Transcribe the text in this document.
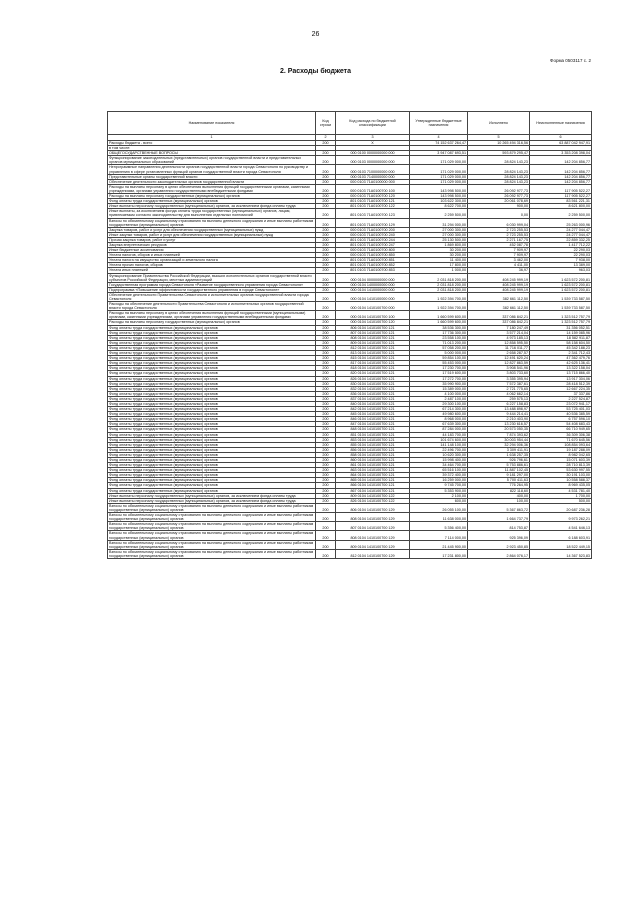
26
Форма 0503117 с. 2
2. Расходы бюджета
Наименование показателя	Код строки	Код расхода по бюджетной классификации	Утвержденные бюджетные назначения	Исполнено	Неисполненные назначения
1	2	3	4	5	6
Расходы бюджета - всего	200	X	74 152 637 264,47	10 265 494 316,56	63 887 042 947,91
в том числе:					
ОБЩЕГОСУДАРСТВЕННЫЕ ВОПРОСЫ	200	000 0100 0000000000 000	3 947 087 693,51	593 879 295,47	3 353 208 398,04
Функционирование законодательных (представительных) органов государственной власти и представительных органов муниципальных образований	200	000 0103 0000000000 000	171 029 000,00	28 824 143,23	142 204 856,77
Непрограммные направления деятельности органов государственной власти города Севастополя по руководству и управлению в сфере установленных функций органов государственной власти города Севастополя	200	000 0103 7100000000 000	171 029 000,00	28 824 143,23	142 204 856,77
Представительные органы государственной власти	200	000 0103 7140000000 000	171 029 000,00	28 824 143,23	142 204 856,77
Обеспечение деятельности законодательных органов государственной власти	200	000 0103 71А0100000 000	171 029 000,00	28 824 143,23	142 204 856,77
Расходы на выплаты персоналу в целях обеспечения выполнения функций государственными органами, казенными учреждениями, органами управления государственными внебюджетными фондами	200	000 0103 71А0100700 100	143 998 500,00	26 092 977,73	117 905 522,27
Расходы на выплаты персоналу государственных (муниципальных) органов	200	000 0103 71А0100700 120	143 998 500,00	26 092 977,73	117 905 522,27
Фонд оплаты труда государственных (муниципальных) органов	200	801 0103 71А0100700 121	103 622 300,00	20 061 078,69	83 561 221,31
Иные выплаты персоналу государственных (муниципальных) органов, за исключением фонда оплаты труда	200	801 0103 71А0100700 122	8 622 700,00	900,00	8 621 800,00
Иные выплаты, за исключением фонда оплаты труда государственных (муниципальных) органов, лицам, привлекаемым согласно законодательству для выполнения отдельных полномочий	200	801 0103 71А0100700 123	2 259 500,00	0,00	2 259 500,00
Взносы по обязательному социальному страхованию на выплаты денежного содержания и иные выплаты работникам государственных (муниципальных) органов	200	801 0103 71А0100700 129	31 294 000,00	6 030 999,04	25 263 000,96
Закупка товаров, работ и услуг для обеспечения государственных (муниципальных) нужд	200	000 0103 71А0100700 200	27 000 300,00	2 723 255,53	24 277 044,47
Иные закупки товаров, работ и услуг для обеспечения государственных (муниципальных) нужд	200	000 0103 71А0100700 240	27 000 300,00	2 723 255,53	24 277 044,47
Прочая закупка товаров, работ и услуг	200	801 0103 71А0100700 244	25 130 500,00	2 271 167,75	22 859 332,25
Закупка энергетических ресурсов	200	801 0103 71А0100700 247	1 869 800,00	452 087,78	1 417 712,22
Иные бюджетные ассигнования	200	000 0103 71А0100700 800	30 200,00	7 909,97	22 290,03
Уплата налогов, сборов и иных платежей	200	000 0103 71А0100700 850	30 200,00	7 909,97	22 290,03
Уплата налога на имущество организаций и земельного налога	200	801 0103 71А0100700 851	11 400,00	3 462,00	7 938,00
Уплата прочих налогов, сборов	200	801 0103 71А0100700 852	17 800,00	4 411,00	13 389,00
Уплата иных платежей	200	801 0103 71А0100700 853	1 000,00	36,97	963,03
Функционирование Правительства Российской Федерации, высших исполнительных органов государственной власти субъектов Российской Федерации, местных администраций	200	000 0104 0000000000 000	2 031 818 200,00	408 245 999,19	1 623 572 200,81
Государственная программа города Севастополя «Развитие государственного управления города Севастополя»	200	000 0104 1400000000 000	2 031 818 200,00	408 245 999,19	1 623 572 200,81
Подпрограмма «Повышение эффективности государственного управления в городе Севастополе»	200	000 0104 1410000000 000	2 031 818 200,00	408 245 999,19	1 623 572 200,81
Обеспечение деятельности Правительства Севастополя и исполнительных органов государственной власти города Севастополя	200	000 0104 1410100000 000	1 922 394 700,00	382 661 112,50	1 539 733 587,50
Расходы на обеспечение деятельности Правительства Севастополя и исполнительных органов государственной власти города Севастополя	200	000 0104 1410100700 000	1 922 394 700,00	382 661 112,50	1 539 733 587,50
Расходы на выплаты персоналу в целях обеспечения выполнения функций государственными (муниципальными) органами, казенными учреждениями, органами управления государственными внебюджетными фондами	200	000 0104 1410100700 100	1 660 599 600,00	337 086 842,21	1 323 512 757,79
Расходы на выплаты персоналу государственных (муниципальных) органов	200	000 0104 1410100700 120	1 660 599 600,00	337 086 842,21	1 323 512 757,79
Фонд оплаты труда государственных (муниципальных) органов	200	806 0104 1410100700 121	38 536 300,00	7 180 247,49	31 356 052,51
Фонд оплаты труда государственных (муниципальных) органов	200	807 0104 1410100700 121	17 736 300,00	3 577 214,04	14 159 085,96
Фонд оплаты труда государственных (муниципальных) органов	200	808 0104 1410100700 121	23 558 100,00	4 973 185,13	18 582 911,87
Фонд оплаты труда государственных (муниципальных) органов	200	809 0104 1410100700 121	71 013 200,00	12 858 595,50	58 158 604,50
Фонд оплаты труда государственных (муниципальных) органов	200	812 0104 1410100700 121	57 058 200,00	11 716 011,77	45 342 188,23
Фонд оплаты труда государственных (муниципальных) органов	200	813 0104 1410100700 121	5 000 000,00	2 658 287,57	2 341 712,43
Фонд оплаты труда государственных (муниципальных) органов	200	815 0104 1410100700 121	59 854 100,00	12 491 620,24	47 362 479,76
Фонд оплаты труда государственных (муниципальных) органов	200	817 0104 1410100700 121	55 453 000,00	12 827 863,59	42 625 136,41
Фонд оплаты труда государственных (муниципальных) органов	200	818 0104 1410100700 121	17 230 700,00	3 908 541,96	13 322 158,04
Фонд оплаты труда государственных (муниципальных) органов	200	820 0104 1410100700 121	17 519 600,00	3 803 733,60	13 715 866,40
Фонд оплаты труда государственных (муниципальных) органов	200	826 0104 1410100700 121	17 272 700,00	3 355 395,94	13 917 304,06
Фонд оплаты труда государственных (муниципальных) органов	200	830 0104 1410100700 121	35 990 900,00	7 572 387,61	28 418 512,39
Фонд оплаты труда государственных (муниципальных) органов	200	832 0104 1410100700 121	15 389 000,00	2 721 775,65	12 667 224,35
Фонд оплаты труда государственных (муниципальных) органов	200	836 0104 1410100700 121	4 100 000,00	4 062 662,14	37 337,86
Фонд оплаты труда государственных (муниципальных) органов	200	837 0104 1410100700 121	2 487 100,00	259 575,13	2 227 524,87
Фонд оплаты труда государственных (муниципальных) органов	200	840 0104 1410100700 121	29 300 100,00	6 227 158,83	23 072 941,17
Фонд оплаты труда государственных (муниципальных) органов	200	842 0104 1410100700 121	67 214 300,00	13 488 898,97	53 725 401,03
Фонд оплаты труда государственных (муниципальных) органов	200	845 0104 1410100700 121	49 980 600,00	9 444 214,41	40 536 385,59
Фонд оплаты труда государственных (муниципальных) органов	200	846 0104 1410100700 121	8 968 000,00	2 210 403,90	6 757 596,10
Фонд оплаты труда государственных (муниципальных) органов	200	847 0104 1410100700 121	67 639 300,00	13 230 616,57	54 408 683,43
Фонд оплаты труда государственных (муниципальных) органов	200	848 0104 1410100700 121	87 284 000,00	20 573 050,35	66 710 949,65
Фонд оплаты труда государственных (муниципальных) органов	200	851 0104 1410100700 121	44 183 700,00	7 874 393,62	36 309 306,38
Фонд оплаты труда государственных (муниципальных) органов	200	853 0104 1410100700 121	101 674 600,00	30 003 954,44	71 670 645,56
Фонд оплаты труда государственных (муниципальных) органов	200	855 0104 1410100700 121	141 148 100,00	32 294 006,36	108 854 093,64
Фонд оплаты труда государственных (муниципальных) органов	200	856 0104 1410100700 121	22 496 700,00	3 309 411,91	19 187 288,09
Фонд оплаты труда государственных (муниципальных) органов	200	858 0104 1410100700 121	10 620 300,00	1 638 257,35	8 982 042,65
Фонд оплаты труда государственных (муниципальных) органов	200	860 0104 1410100700 121	15 998 400,00	926 796,61	15 071 603,39
Фонд оплаты труда государственных (муниципальных) органов	200	861 0104 1410100700 121	34 464 700,00	5 753 886,61	28 710 813,39
Фонд оплаты труда государственных (муниципальных) органов	200	863 0104 1410100700 121	65 516 100,00	11 887 102,45	53 630 997,55
Фонд оплаты труда государственных (муниципальных) органов	200	864 0104 1410100700 121	39 372 400,00	9 181 297,00	30 191 103,00
Фонд оплаты труда государственных (муниципальных) органов	200	865 0104 1410100700 121	16 259 000,00	5 700 411,63	10 558 588,37
Фонд оплаты труда государственных (муниципальных) органов	200	866 0104 1410100700 121	9 745 700,00	776 264,95	8 969 435,05
Фонд оплаты труда государственных (муниципальных) органов	200	867 0104 1410100700 121	5 353 900,00	822 118,60	4 531 781,40
Иные выплаты персоналу государственных (муниципальных) органов, за исключением фонда оплаты труда	200	809 0104 1410100700 122	2 100,00	400,00	1 700,00
Иные выплаты персоналу государственных (муниципальных) органов, за исключением фонда оплаты труда	200	826 0104 1410100700 122	600,00	100,00	500,00
Взносы по обязательному социальному страхованию на выплаты денежного содержания и иные выплаты работникам государственных (муниципальных) органов	200	806 0104 1410100700 129	26 055 100,00	5 367 863,72	20 687 236,28
Взносы по обязательному социальному страхованию на выплаты денежного содержания и иные выплаты работникам государственных (муниципальных) органов	200	808 0104 1410100700 129	11 638 000,00	1 664 737,79	9 973 262,21
Взносы по обязательному социальному страхованию на выплаты денежного содержания и иные выплаты работникам государственных (муниципальных) органов	200	807 0104 1410100700 129	5 356 400,00	814 753,87	4 541 646,13
Взносы по обязательному социальному страхованию на выплаты денежного содержания и иные выплаты работникам государственных (муниципальных) органов	200	808 0104 1410100700 129	7 114 000,00	925 396,09	6 188 603,91
Взносы по обязательному социальному страхованию на выплаты денежного содержания и иные выплаты работникам государственных (муниципальных) органов	200	809 0104 1410100700 129	21 445 900,00	2 923 450,85	18 522 449,15
Взносы по обязательному социальному страхованию на выплаты денежного содержания и иные выплаты работникам государственных (муниципальных) органов	200	812 0104 1410100700 129	17 231 800,00	2 864 076,17	14 367 523,83
